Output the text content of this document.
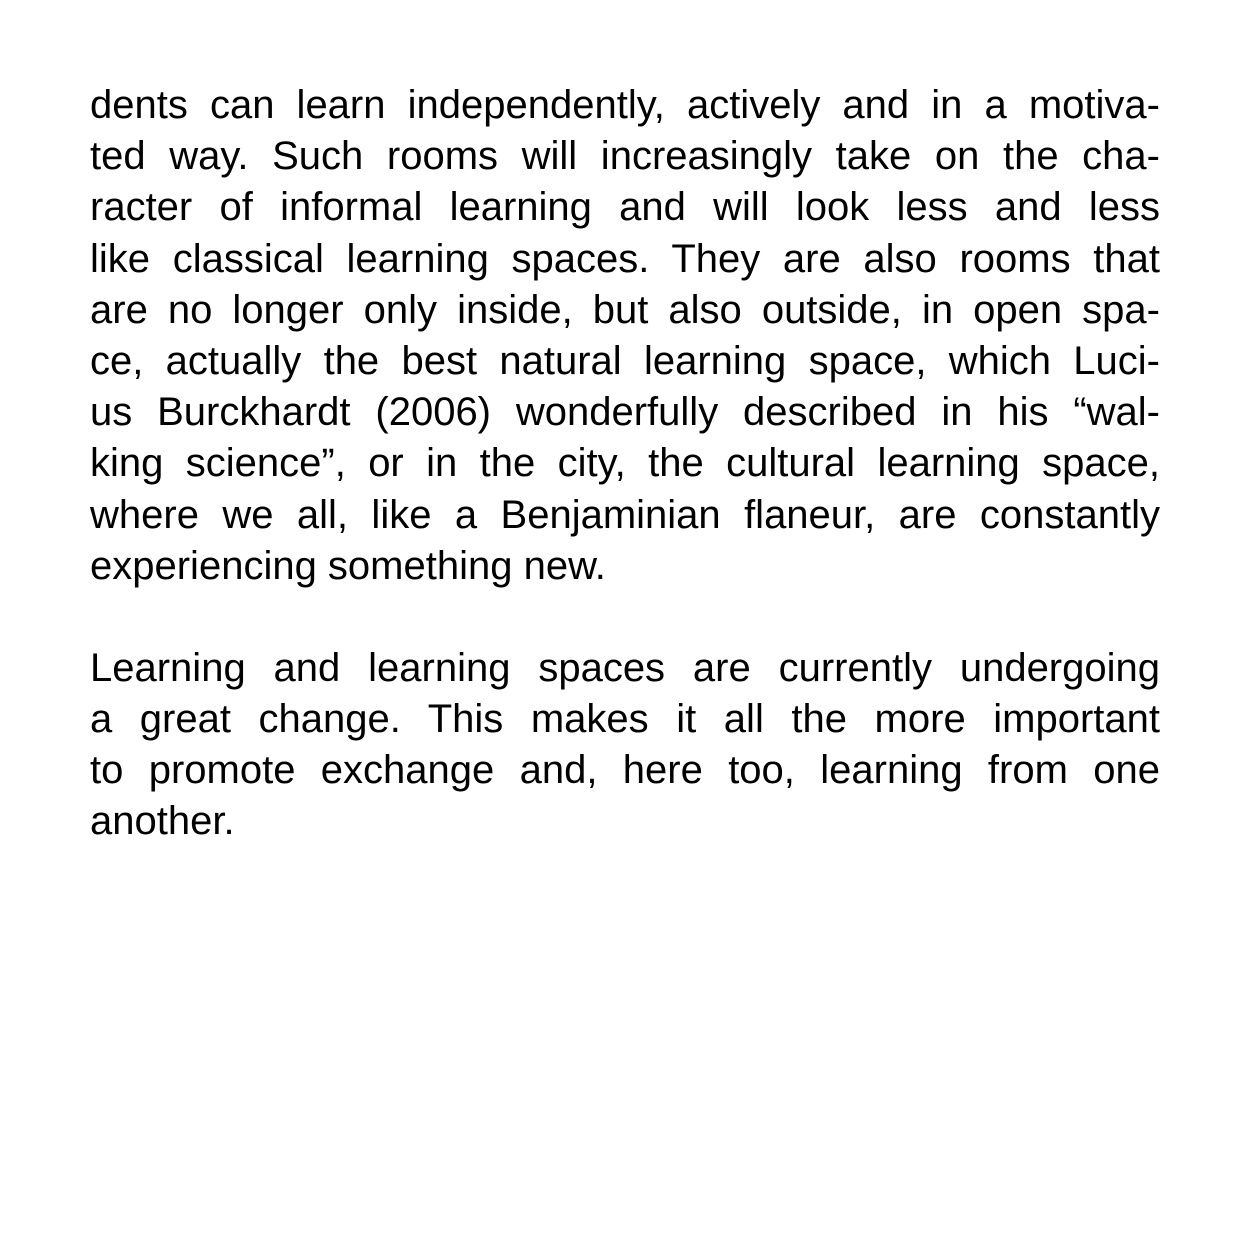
dents can learn independently, actively and in a motiva-
ted way. Such rooms will increasingly take on the cha-
racter of informal learning and will look less and less
like classical learning spaces. They are also rooms that
are no longer only inside, but also outside, in open spa-
ce, actually the best natural learning space, which Luci-
us Burckhardt (2006) wonderfully described in his “wal-
king science”, or in the city, the cultural learning space,
where we all, like a Benjaminian flaneur, are constantly
experiencing something new.
Learning and learning spaces are currently undergoing
a great change. This makes it all the more important
to promote exchange and, here too, learning from one
another.
